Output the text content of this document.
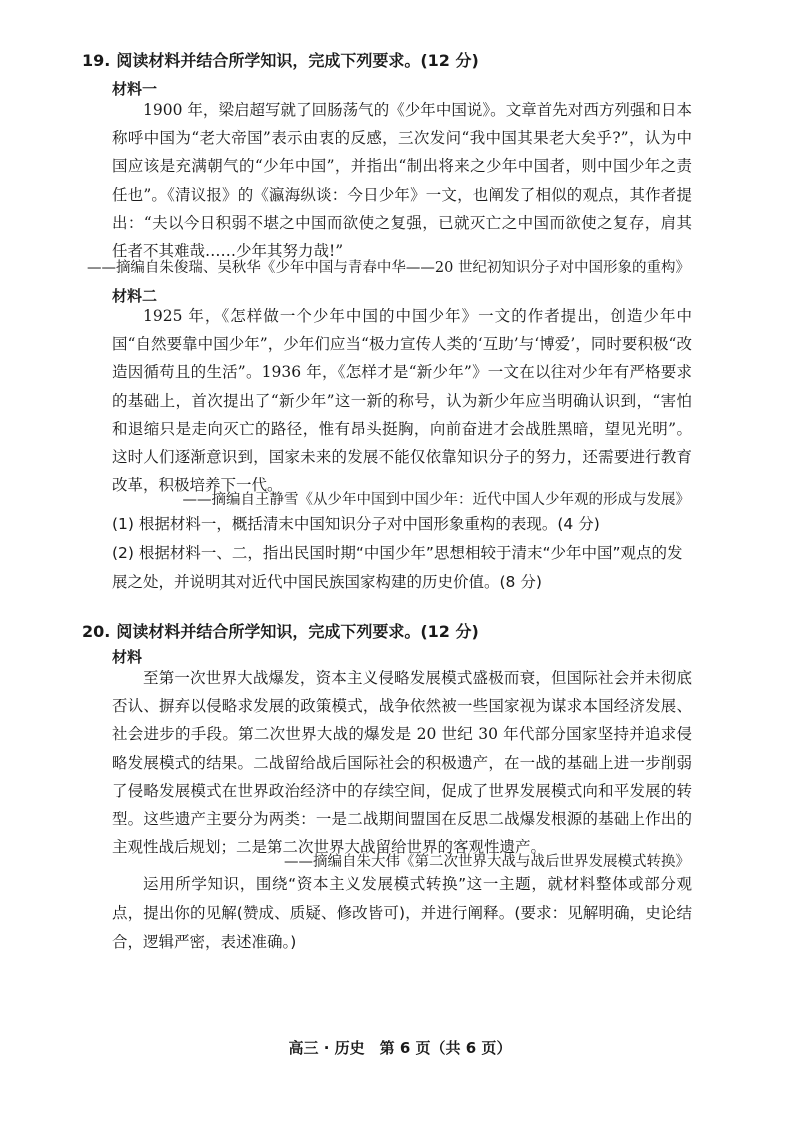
19. 阅读材料并结合所学知识，完成下列要求。(12 分)
材料一
1900 年，梁启超写就了回肠荡气的《少年中国说》。文章首先对西方列强和日本称呼中国为“老大帝国”表示由衷的反感，三次发问“我中国其果老大矣乎?”，认为中国应该是充满朝气的“少年中国”，并指出“制出将来之少年中国者，则中国少年之责任也”。《清议报》的《瀛海纵谈：今日少年》一文，也阐发了相似的观点，其作者提出：“夫以今日积弱不堪之中国而欲使之复强，已就灭亡之中国而欲使之复存，肩其任者不其难哉……少年其努力哉!”
——摘编自朱俊瑞、吴秋华《少年中国与青春中华——20 世纪初知识分子对中国形象的重构》
材料二
1925 年，《怎样做一个少年中国的中国少年》一文的作者提出，创造少年中国“自然要靠中国少年”，少年们应当“极力宣传人类的‘互助’与‘博爱’，同时要积极“改造因循苟且的生活”。1936 年，《怎样才是“新少年”》一文在以往对少年有严格要求的基础上，首次提出了“新少年”这一新的称号，认为新少年应当明确认识到，“害怕和退缩只是走向灭亡的路径，惟有昂头挺胸，向前奋进才会战胜黑暗，望见光明”。这时人们逐渐意识到，国家未来的发展不能仅依靠知识分子的努力，还需要进行教育改革，积极培养下一代。
——摘编自王静雪《从少年中国到中国少年：近代中国人少年观的形成与发展》
(1) 根据材料一，概括清末中国知识分子对中国形象重构的表现。(4 分)
(2) 根据材料一、二，指出民国时期“中国少年”思想相较于清末“少年中国”观点的发展之处，并说明其对近代中国民族国家构建的历史价值。(8 分)
20. 阅读材料并结合所学知识，完成下列要求。(12 分)
材料
至第一次世界大战爆发，资本主义侵略发展模式盛极而衰，但国际社会并未彻底否认、摒弃以侵略求发展的政策模式，战争依然被一些国家视为谋求本国经济发展、社会进步的手段。第二次世界大战的爆发是 20 世纪 30 年代部分国家坚持并追求侵略发展模式的结果。二战留给战后国际社会的积极遗产，在一战的基础上进一步削弱了侵略发展模式在世界政治经济中的存续空间，促成了世界发展模式向和平发展的转型。这些遗产主要分为两类：一是二战期间盟国在反思二战爆发根源的基础上作出的主观性战后规划；二是第二次世界大战留给世界的客观性遗产。
——摘编自朱大伟《第二次世界大战与战后世界发展模式转换》
运用所学知识，围绕“资本主义发展模式转换”这一主题，就材料整体或部分观点，提出你的见解(赞成、质疑、修改皆可)，并进行阐释。(要求：见解明确，史论结合，逻辑严密，表述准确。)
高三 · 历史　第 6 页（共 6 页）
